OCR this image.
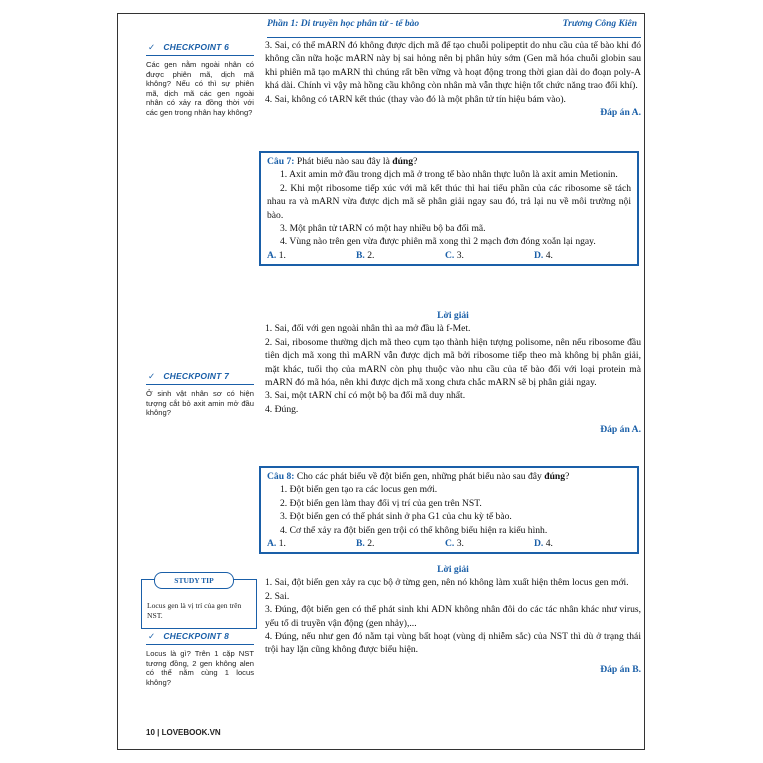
Phần 1: Di truyền học phân tử - tế bào	Trương Công Kiên
✓ CHECKPOINT 6
Các gen nằm ngoài nhân có được phiên mã, dịch mã không? Nếu có thì sự phiên mã, dịch mã các gen ngoài nhân có xảy ra đồng thời với các gen trong nhân hay không?
✓ CHECKPOINT 7
Ở sinh vật nhân sơ có hiện tượng cắt bỏ axit amin mở đầu không?
STUDY TIP
Locus gen là vị trí của gen trên NST.
✓ CHECKPOINT 8
Locus là gì? Trên 1 cặp NST tương đồng, 2 gen không alen có thể nằm cùng 1 locus không?

3. Sai, có thể mARN đó không được dịch mã để tạo chuỗi polipeptit do nhu cầu của tế bào khi đó không cần nữa hoặc mARN này bị sai hỏng nên bị phân hủy sớm (Gen mã hóa chuỗi globin sau khi phiên mã tạo mARN thì chúng rất bền vững và hoạt động trong thời gian dài do đoạn poly-A khá dài. Chính vì vậy mà hồng cầu không còn nhân mà vẫn thực hiện tốt chức năng trao đổi khí).

4. Sai, không có tARN kết thúc (thay vào đó là một phân tử tín hiệu bám vào).

Đáp án A.

Câu 7: Phát biểu nào sau đây là đúng?

1. Axit amin mở đầu trong dịch mã ở trong tế bào nhân thực luôn là axit amin Metionin.

2. Khi một ribosome tiếp xúc với mã kết thúc thì hai tiểu phần của các ribosome sẽ tách nhau ra và mARN vừa được dịch mã sẽ phân giải ngay sau đó, trả lại nu về môi trường nội bào.

3. Một phân tử tARN có một hay nhiều bộ ba đối mã.

4. Vùng nào trên gen vừa được phiên mã xong thì 2 mạch đơn đóng xoắn lại ngay.

A. 1.	B. 2.	C. 3.	D. 4.

Lời giải

1. Sai, đối với gen ngoài nhân thì aa mở đầu là f-Met.

2. Sai, ribosome thường dịch mã theo cụm tạo thành hiện tượng polisome, nên nếu ribosome đầu tiên dịch mã xong thì mARN vẫn được dịch mã bởi ribosome tiếp theo mà không bị phân giải, mặt khác, tuổi thọ của mARN còn phụ thuộc vào nhu cầu của tế bào đối với loại protein mà mARN đó mã hóa, nên khi được dịch mã xong chưa chắc mARN sẽ bị phân giải ngay.

3. Sai, một tARN chỉ có một bộ ba đối mã duy nhất.

4. Đúng.

Đáp án A.

Câu 8: Cho các phát biểu về đột biến gen, những phát biểu nào sau đây đúng?

1. Đột biến gen tạo ra các locus gen mới.

2. Đột biến gen làm thay đổi vị trí của gen trên NST.

3. Đột biến gen có thể phát sinh ở pha G1 của chu kỳ tế bào.

4. Cơ thể xảy ra đột biến gen trội có thể không biểu hiện ra kiểu hình.

A. 1.	B. 2.	C. 3.	D. 4.

Lời giải

1. Sai, đột biến gen xảy ra cục bộ ở từng gen, nên nó không làm xuất hiện thêm locus gen mới.

2. Sai.

3. Đúng, đột biến gen có thể phát sinh khi ADN không nhân đôi do các tác nhân khác như virus, yếu tố di truyền vận động (gen nhảy),...

4. Đúng, nếu như gen đó nằm tại vùng bất hoạt (vùng dị nhiễm sắc) của NST thì dù ở trạng thái trội hay lặn cũng không được biểu hiện.

Đáp án B.

10 | LOVEBOOK.VN
